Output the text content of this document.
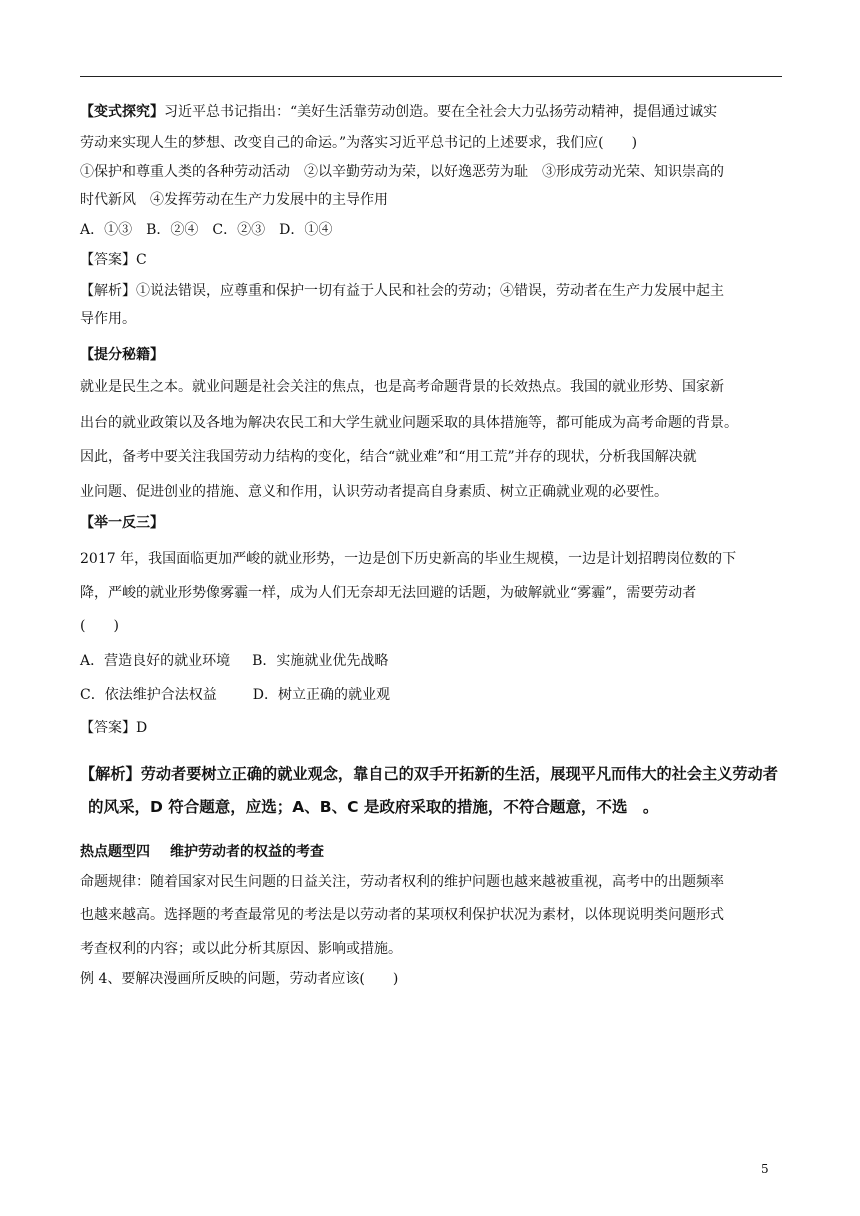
【变式探究】习近平总书记指出：“美好生活靠劳动创造。要在全社会大力弘扬劳动精神，提倡通过诚实
劳动来实现人生的梦想、改变自己的命运。”为落实习近平总书记的上述要求，我们应(　　)
①保护和尊重人类的各种劳动活动 ②以辛勤劳动为荣，以好逸恶劳为耻 ③形成劳动光荣、知识崇高的
时代新风　④发挥劳动在生产力发展中的主导作用
A．①③　B．②④　C．②③　D．①④
【答案】C
【解析】①说法错误，应尊重和保护一切有益于人民和社会的劳动；④错误，劳动者在生产力发展中起主
导作用。
【提分秘籍】
就业是民生之本。就业问题是社会关注的焦点，也是高考命题背景的长效热点。我国的就业形势、国家新
出台的就业政策以及各地为解决农民工和大学生就业问题采取的具体措施等，都可能成为高考命题的背景。
因此，备考中要关注我国劳动力结构的变化，结合“就业难”和“用工荒”并存的现状，分析我国解决就
业问题、促进创业的措施、意义和作用，认识劳动者提高自身素质、树立正确就业观的必要性。
【举一反三】
2017 年，我国面临更加严峻的就业形势，一边是创下历史新高的毕业生规模，一边是计划招聘岗位数的下
降，严峻的就业形势像雾霾一样，成为人们无奈却无法回避的话题，为破解就业“雾霾”，需要劳动者
(　　)
A．营造良好的就业环境 B．实施就业优先战略
C．依法维护合法权益	D．树立正确的就业观
【答案】D
【解析】劳动者要树立正确的就业观念，靠自己的双手开拓新的生活，展现平凡而伟大的社会主义劳动者
的风采，D 符合题意，应选；A、B、C 是政府采取的措施，不符合题意，不选　。
热点题型四 维护劳动者的权益的考查
命题规律：随着国家对民生问题的日益关注，劳动者权利的维护问题也越来越被重视，高考中的出题频率
也越来越高。选择题的考查最常见的考法是以劳动者的某项权利保护状况为素材，以体现说明类问题形式
考查权利的内容；或以此分析其原因、影响或措施。
例 4、要解决漫画所反映的问题，劳动者应该(　　)
5
